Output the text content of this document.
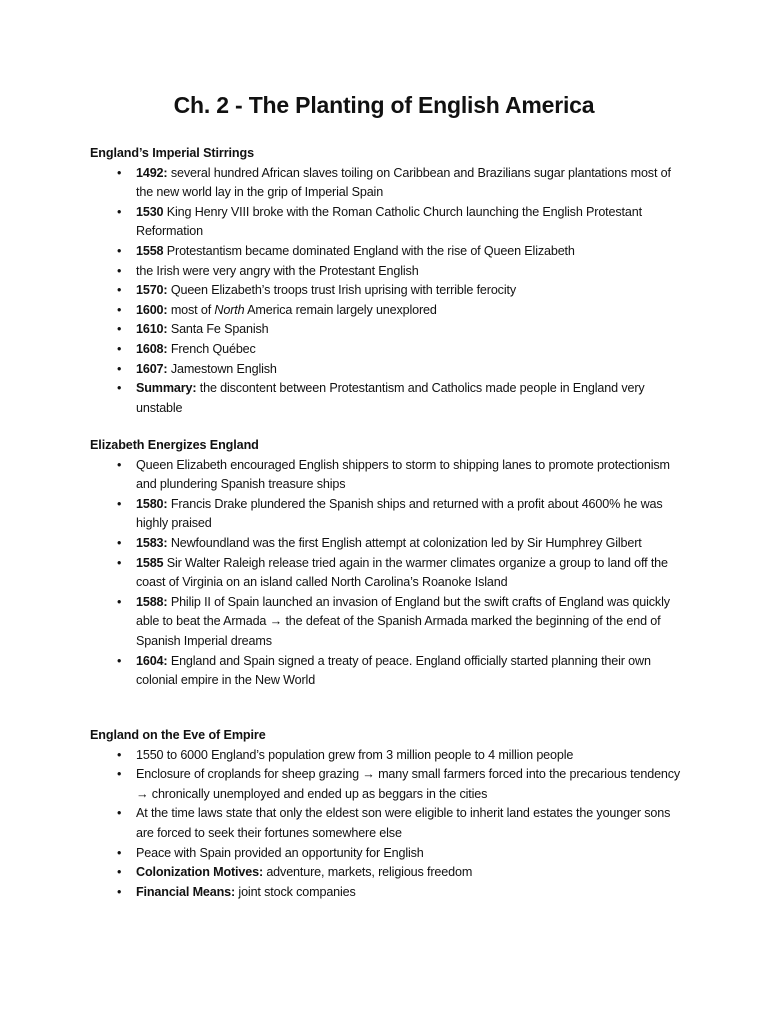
Ch. 2 - The Planting of English America

England’s Imperial Stirrings

• 1492: several hundred African slaves toiling on Caribbean and Brazilians sugar plantations most of the new world lay in the grip of Imperial Spain
• 1530 King Henry VIII broke with the Roman Catholic Church launching the English Protestant Reformation
• 1558 Protestantism became dominated England with the rise of Queen Elizabeth
• the Irish were very angry with the Protestant English
• 1570: Queen Elizabeth’s troops trust Irish uprising with terrible ferocity
• 1600: most of North America remain largely unexplored
• 1610: Santa Fe Spanish
• 1608: French Québec
• 1607: Jamestown English
• Summary: the discontent between Protestantism and Catholics made people in England very unstable

Elizabeth Energizes England

• Queen Elizabeth encouraged English shippers to storm to shipping lanes to promote protectionism and plundering Spanish treasure ships
• 1580: Francis Drake plundered the Spanish ships and returned with a profit about 4600% he was highly praised
• 1583: Newfoundland was the first English attempt at colonization led by Sir Humphrey Gilbert
• 1585 Sir Walter Raleigh release tried again in the warmer climates organize a group to land off the coast of Virginia on an island called North Carolina’s Roanoke Island
• 1588: Philip II of Spain launched an invasion of England but the swift crafts of England was quickly able to beat the Armada → the defeat of the Spanish Armada marked the beginning of the end of Spanish Imperial dreams
• 1604: England and Spain signed a treaty of peace. England officially started planning their own colonial empire in the New World

England on the Eve of Empire

• 1550 to 6000 England’s population grew from 3 million people to 4 million people
• Enclosure of croplands for sheep grazing → many small farmers forced into the precarious tendency → chronically unemployed and ended up as beggars in the cities
• At the time laws state that only the eldest son were eligible to inherit land estates the younger sons are forced to seek their fortunes somewhere else
• Peace with Spain provided an opportunity for English
• Colonization Motives: adventure, markets, religious freedom
• Financial Means: joint stock companies
